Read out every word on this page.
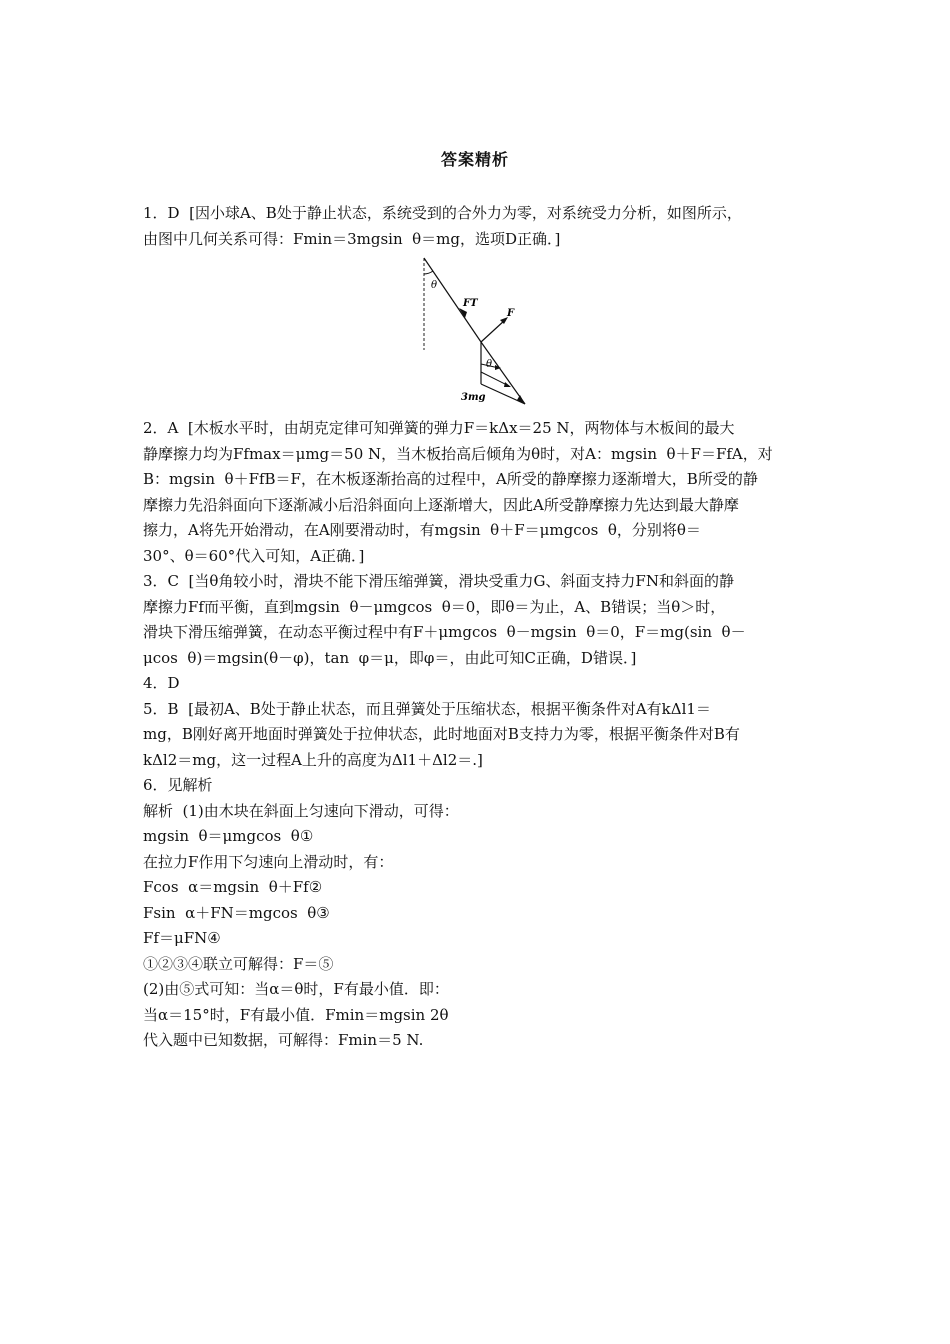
答案精析

1．D  [因小球A、B处于静止状态，系统受到的合外力为零，对系统受力分析，如图所示，

由图中几何关系可得：Fmin＝3mgsin  θ＝mg，选项D正确．]

θ
FT
F
θ
3mg

2．A  [木板水平时，由胡克定律可知弹簧的弹力F＝kΔx＝25 N，两物体与木板间的最大

静摩擦力均为Ffmax＝μmg＝50 N，当木板抬高后倾角为θ时，对A：mgsin  θ＋F＝FfA，对

B：mgsin  θ＋FfB＝F，在木板逐渐抬高的过程中，A所受的静摩擦力逐渐增大，B所受的静

摩擦力先沿斜面向下逐渐减小后沿斜面向上逐渐增大，因此A所受静摩擦力先达到最大静摩

擦力，A将先开始滑动，在A刚要滑动时，有mgsin  θ＋F＝μmgcos  θ，分别将θ＝

30°、θ＝60°代入可知，A正确．]

3．C  [当θ角较小时，滑块不能下滑压缩弹簧，滑块受重力G、斜面支持力FN和斜面的静

摩擦力Ff而平衡，直到mgsin  θ－μmgcos  θ＝0，即θ＝为止，A、B错误；当θ＞时，

滑块下滑压缩弹簧，在动态平衡过程中有F＋μmgcos  θ－mgsin  θ＝0，F＝mg(sin  θ－

μcos  θ)＝mgsin(θ－φ)，tan  φ＝μ，即φ＝，由此可知C正确，D错误．]

4．D

5．B  [最初A、B处于静止状态，而且弹簧处于压缩状态，根据平衡条件对A有kΔl1＝

mg，B刚好离开地面时弹簧处于拉伸状态，此时地面对B支持力为零，根据平衡条件对B有

kΔl2＝mg，这一过程A上升的高度为Δl1＋Δl2＝.]

6．见解析

解析  (1)由木块在斜面上匀速向下滑动，可得：

mgsin  θ＝μmgcos  θ①

在拉力F作用下匀速向上滑动时，有：

Fcos  α＝mgsin  θ＋Ff②

Fsin  α＋FN＝mgcos  θ③

Ff＝μFN④

①②③④联立可解得：F＝⑤

(2)由⑤式可知：当α＝θ时，F有最小值．即：

当α＝15°时，F有最小值．Fmin＝mgsin 2θ

代入题中已知数据，可解得：Fmin＝5 N.
